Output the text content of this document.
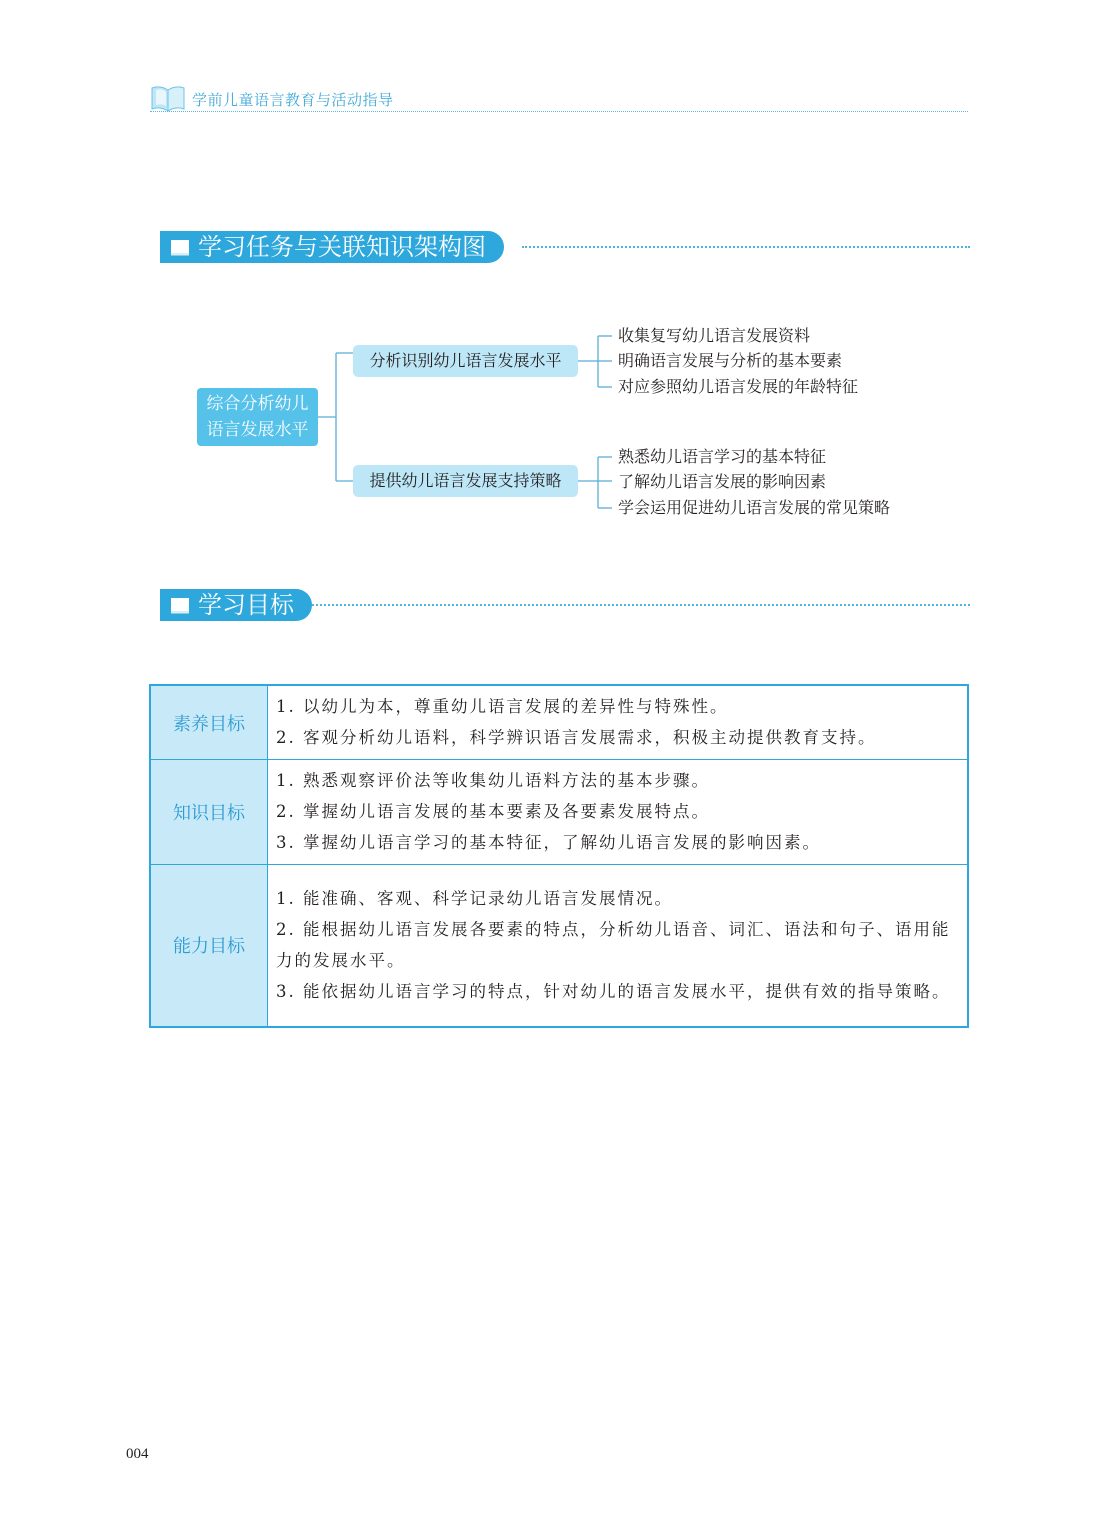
学前儿童语言教育与活动指导
学习任务与关联知识架构图
综合分析幼儿
语言发展水平
分析识别幼儿语言发展水平
提供幼儿语言发展支持策略
收集复写幼儿语言发展资料
明确语言发展与分析的基本要素
对应参照幼儿语言发展的年龄特征
熟悉幼儿语言学习的基本特征
了解幼儿语言发展的影响因素
学会运用促进幼儿语言发展的常见策略
学习目标
素养目标	1. 以幼儿为本，尊重幼儿语言发展的差异性与特殊性。
2. 客观分析幼儿语料，科学辨识语言发展需求，积极主动提供教育支持。

知识目标	1. 熟悉观察评价法等收集幼儿语料方法的基本步骤。
2. 掌握幼儿语言发展的基本要素及各要素发展特点。
3. 掌握幼儿语言学习的基本特征，了解幼儿语言发展的影响因素。

能力目标	1. 能准确、客观、科学记录幼儿语言发展情况。
2. 能根据幼儿语言发展各要素的特点，分析幼儿语音、词汇、语法和句子、语用能力的发展水平。
3. 能依据幼儿语言学习的特点，针对幼儿的语言发展水平，提供有效的指导策略。
004
